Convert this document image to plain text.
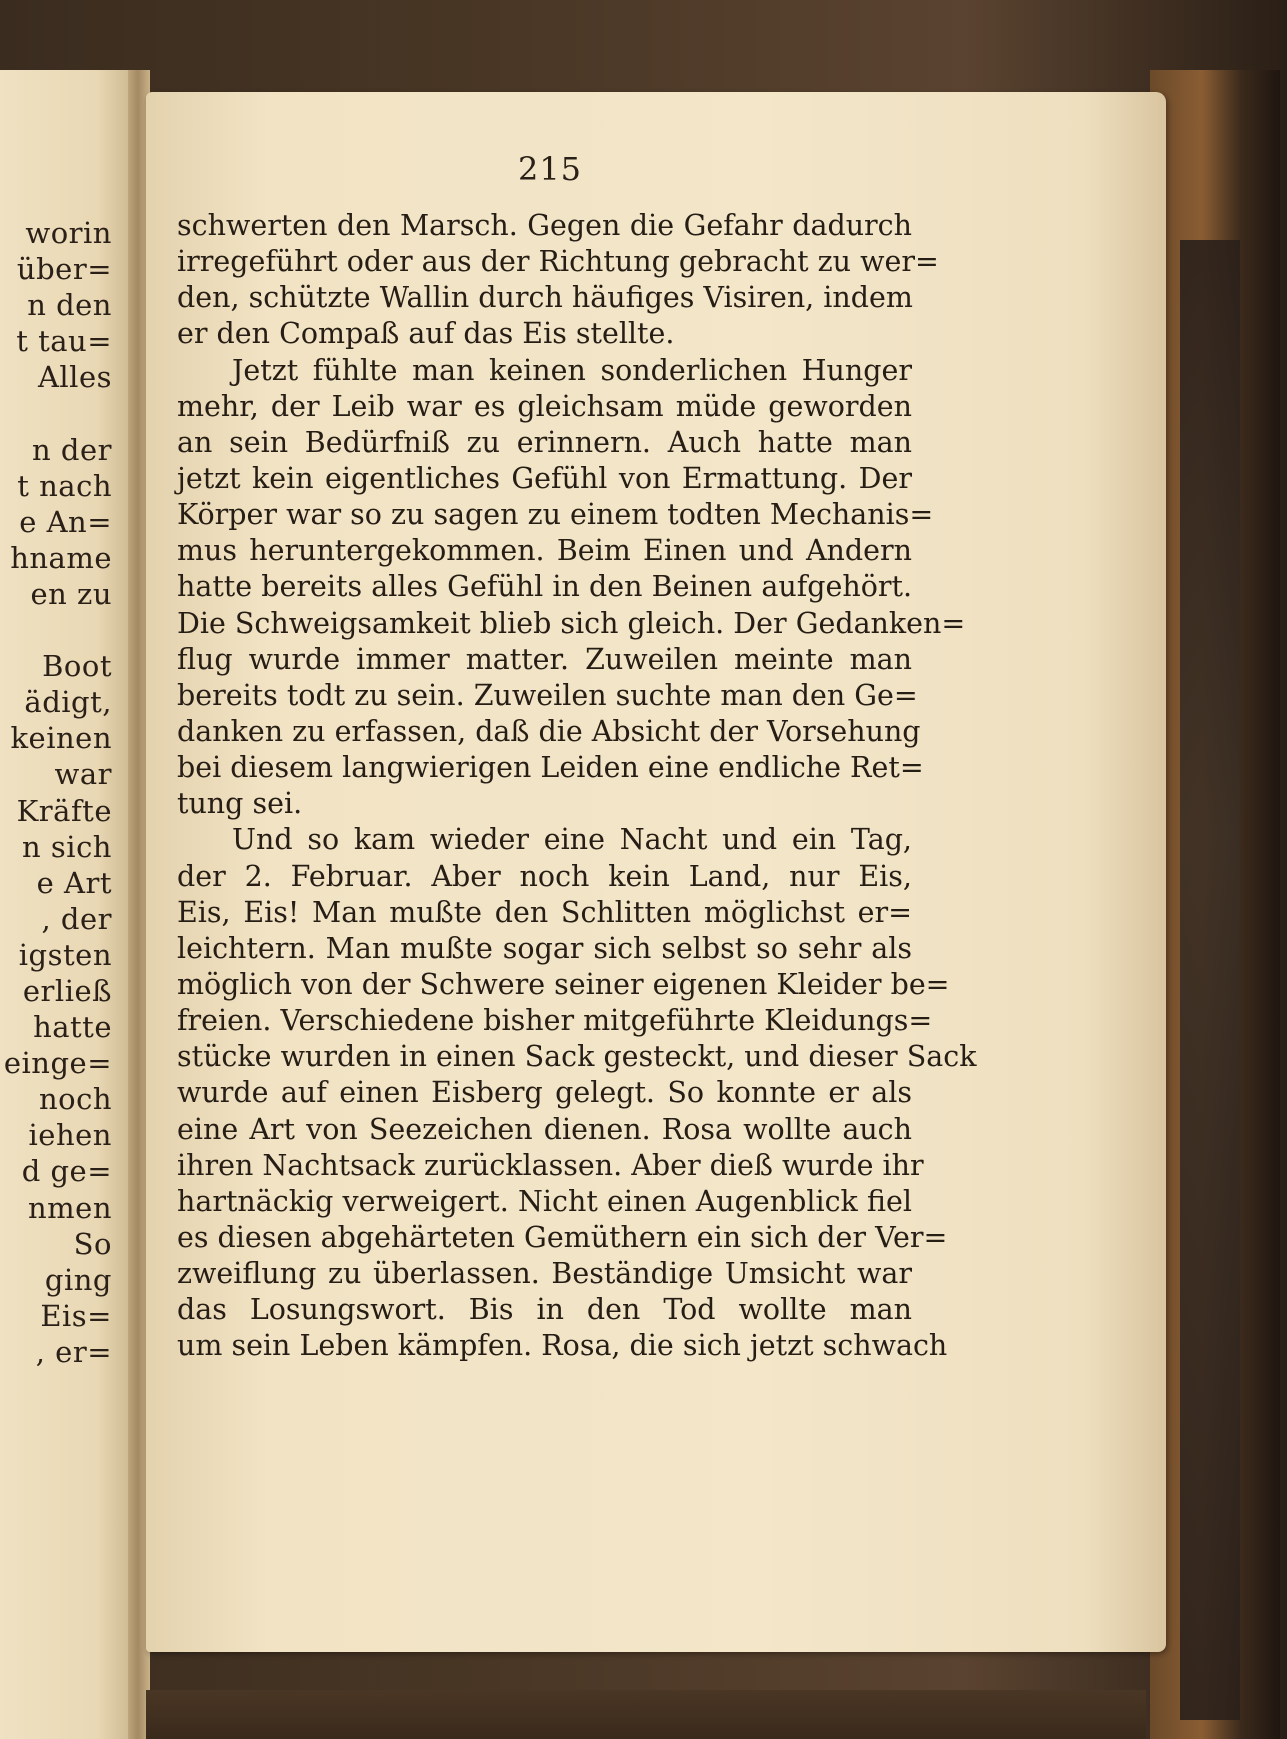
worin
über=
n den
t tau=
Alles
n der
t nach
e An=
hname
en zu
Boot
ädigt,
keinen
war
Kräfte
n sich
e Art
, der
igsten
erließ
hatte
einge=
noch
iehen
d ge=
nmen
So
ging
Eis=
, er=
215
schwerten den Marsch. Gegen die Gefahr dadurch
irregeführt oder aus der Richtung gebracht zu wer=
den, schützte Wallin durch häufiges Visiren, indem
er den Compaß auf das Eis stellte.
Jetzt fühlte man keinen sonderlichen Hunger
mehr, der Leib war es gleichsam müde geworden
an sein Bedürfniß zu erinnern. Auch hatte man
jetzt kein eigentliches Gefühl von Ermattung. Der
Körper war so zu sagen zu einem todten Mechanis=
mus heruntergekommen. Beim Einen und Andern
hatte bereits alles Gefühl in den Beinen aufgehört.
Die Schweigsamkeit blieb sich gleich. Der Gedanken=
flug wurde immer matter. Zuweilen meinte man
bereits todt zu sein. Zuweilen suchte man den Ge=
danken zu erfassen, daß die Absicht der Vorsehung
bei diesem langwierigen Leiden eine endliche Ret=
tung sei.
Und so kam wieder eine Nacht und ein Tag,
der 2. Februar. Aber noch kein Land, nur Eis,
Eis, Eis! Man mußte den Schlitten möglichst er=
leichtern. Man mußte sogar sich selbst so sehr als
möglich von der Schwere seiner eigenen Kleider be=
freien. Verschiedene bisher mitgeführte Kleidungs=
stücke wurden in einen Sack gesteckt, und dieser Sack
wurde auf einen Eisberg gelegt. So konnte er als
eine Art von Seezeichen dienen. Rosa wollte auch
ihren Nachtsack zurücklassen. Aber dieß wurde ihr
hartnäckig verweigert. Nicht einen Augenblick fiel
es diesen abgehärteten Gemüthern ein sich der Ver=
zweiflung zu überlassen. Beständige Umsicht war
das Losungswort. Bis in den Tod wollte man
um sein Leben kämpfen. Rosa, die sich jetzt schwach
